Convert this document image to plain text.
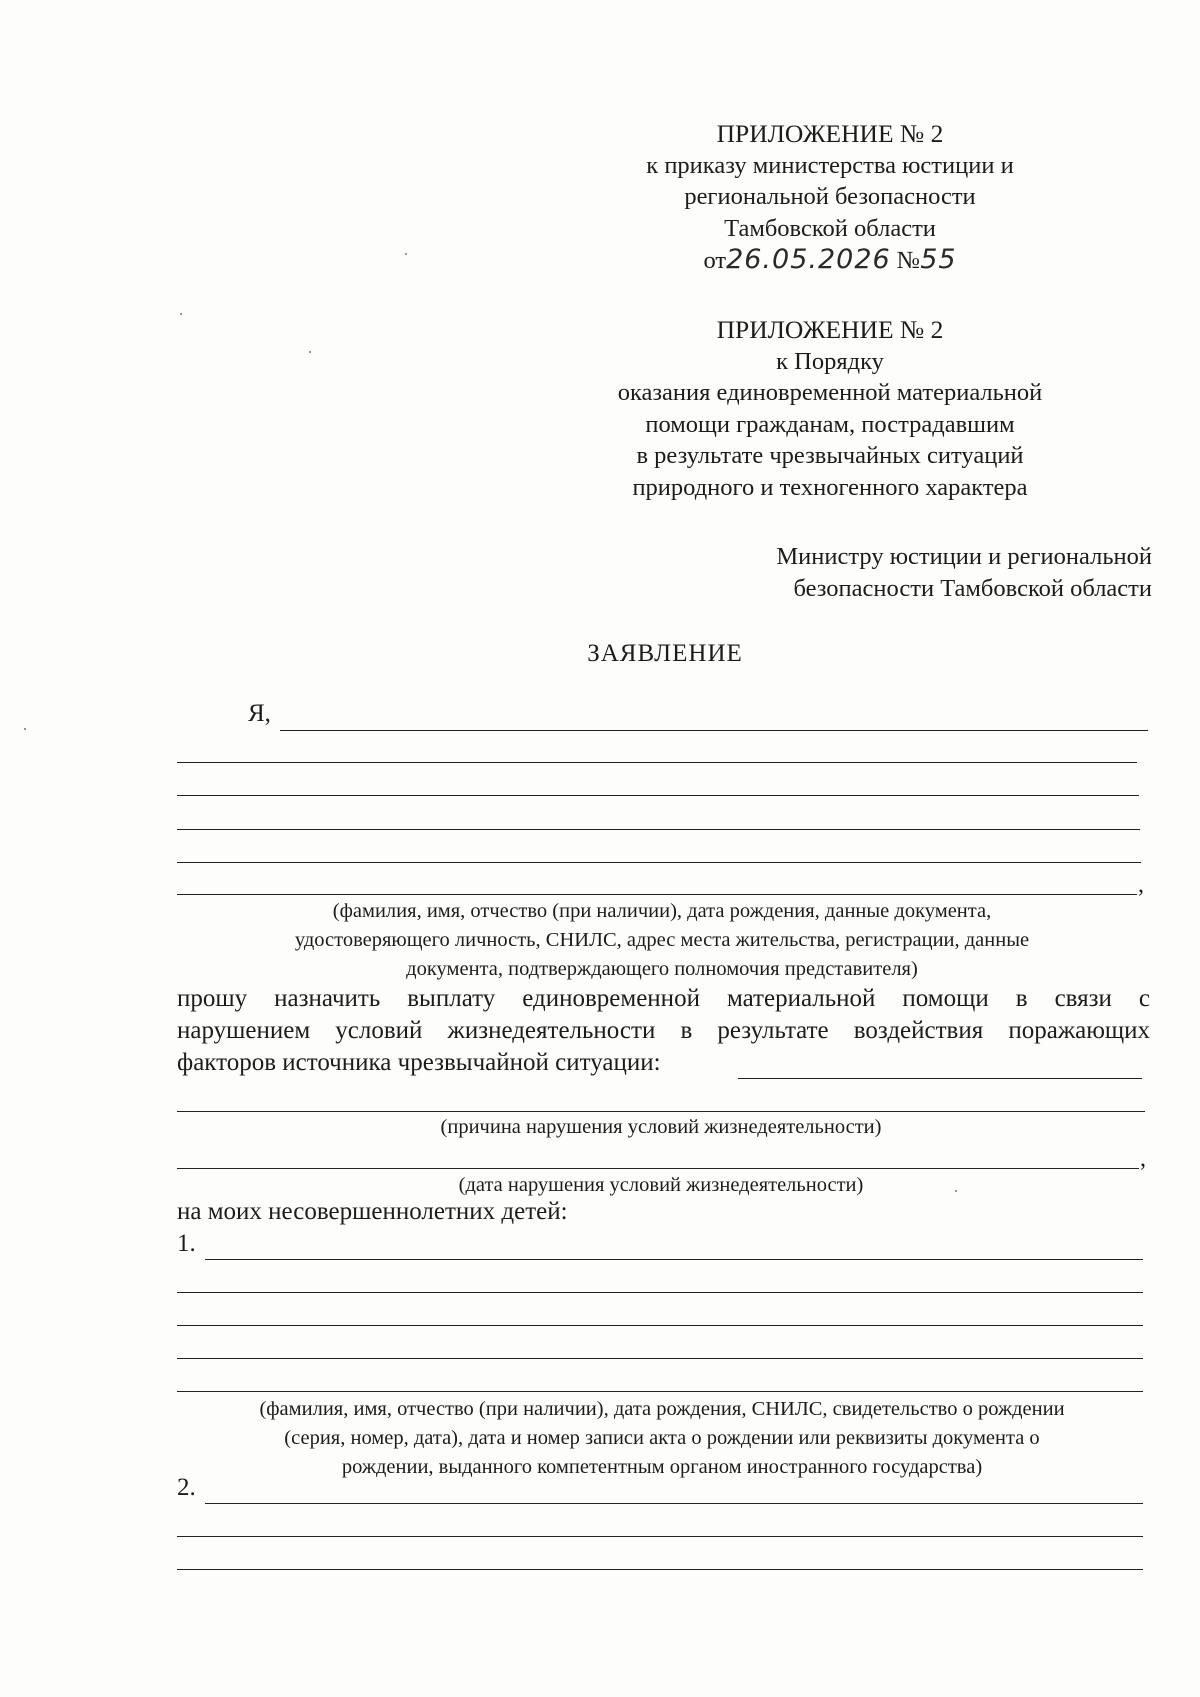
ПРИЛОЖЕНИЕ № 2
к приказу министерства юстиции и
региональной безопасности
Тамбовской области
от26.05.2026 №55
ПРИЛОЖЕНИЕ № 2
к Порядку
оказания единовременной материальной
помощи гражданам, пострадавшим
в результате чрезвычайных ситуаций
природного и техногенного характера
Министру юстиции и региональной
безопасности Тамбовской области
ЗАЯВЛЕНИЕ
Я,
,
(фамилия, имя, отчество (при наличии), дата рождения, данные документа,
удостоверяющего личность, СНИЛС, адрес места жительства, регистрации, данные
документа, подтверждающего полномочия представителя)
прошу назначить выплату единовременной материальной помощи в связи с
нарушением условий жизнедеятельности в результате воздействия поражающих
факторов источника чрезвычайной ситуации:
(причина нарушения условий жизнедеятельности)
,
(дата нарушения условий жизнедеятельности)
на моих несовершеннолетних детей:
1.
(фамилия, имя, отчество (при наличии), дата рождения, СНИЛС, свидетельство о рождении
(серия, номер, дата), дата и номер записи акта о рождении или реквизиты документа о
рождении, выданного компетентным органом иностранного государства)
2.
